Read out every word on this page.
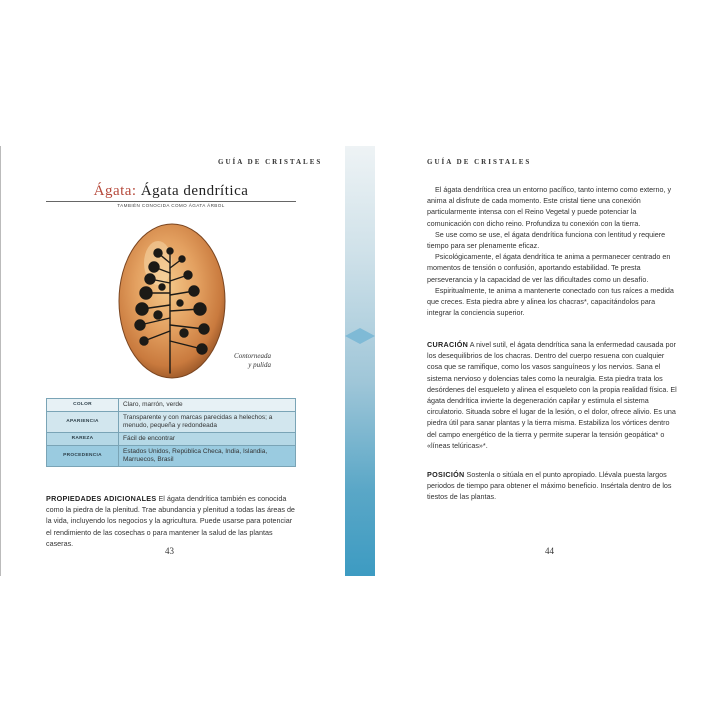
GUÍA DE CRISTALES
Ágata: Ágata dendrítica
TAMBIÉN CONOCIDA COMO ÁGATA ÁRBOL
Contorneada
y pulida
COLOR	Claro, marrón, verde
APARIENCIA	Transparente y con marcas parecidas a helechos; a menudo, pequeña y redondeada
RAREZA	Fácil de encontrar
PROCEDENCIA	Estados Unidos, República Checa, India, Islandia, Marruecos, Brasil

PROPIEDADES ADICIONALES El ágata dendrítica también es conocida como la piedra de la plenitud. Trae abundancia y plenitud a todas las áreas de la vida, incluyendo los negocios y la agricultura. Puede usarse para potenciar el rendimiento de las cosechas o para mantener la salud de las plantas caseras.

43
GUÍA DE CRISTALES

El ágata dendrítica crea un entorno pacífico, tanto interno como externo, y anima al disfrute de cada momento. Este cristal tiene una conexión particularmente intensa con el Reino Vegetal y puede potenciar la comunicación con dicho reino. Profundiza tu conexión con la tierra.

Se use como se use, el ágata dendrítica funciona con lentitud y requiere tiempo para ser plenamente eficaz.

Psicológicamente, el ágata dendrítica te anima a permanecer centrado en momentos de tensión o confusión, aportando estabilidad. Te presta perseverancia y la capacidad de ver las dificultades como un desafío.

Espiritualmente, te anima a mantenerte conectado con tus raíces a medida que creces. Esta piedra abre y alinea los chacras*, capacitándolos para integrar la conciencia superior.

CURACIÓN A nivel sutil, el ágata dendrítica sana la enfermedad causada por los desequilibrios de los chacras. Dentro del cuerpo resuena con cualquier cosa que se ramifique, como los vasos sanguíneos y los nervios. Sana el sistema nervioso y dolencias tales como la neuralgia. Esta piedra trata los desórdenes del esqueleto y alinea el esqueleto con la propia realidad física. El ágata dendrítica invierte la degeneración capilar y estimula el sistema circulatorio. Situada sobre el lugar de la lesión, o el dolor, ofrece alivio. Es una piedra útil para sanar plantas y la tierra misma. Estabiliza los vórtices dentro del campo energético de la tierra y permite superar la tensión geopática* o «líneas telúricas»*.

POSICIÓN Sostenla o sitúala en el punto apropiado. Llévala puesta largos periodos de tiempo para obtener el máximo beneficio. Insértala dentro de los tiestos de las plantas.

44
